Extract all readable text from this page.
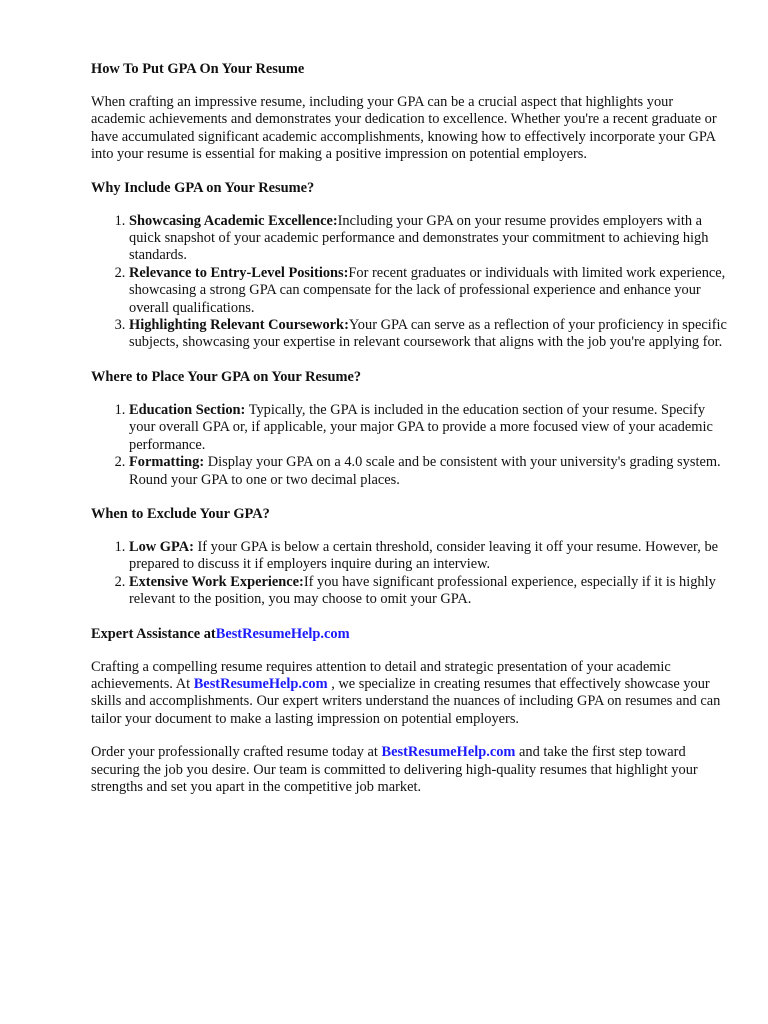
How To Put GPA On Your Resume

When crafting an impressive resume, including your GPA can be a crucial aspect that highlights your academic achievements and demonstrates your dedication to excellence. Whether you're a recent graduate or have accumulated significant academic accomplishments, knowing how to effectively incorporate your GPA into your resume is essential for making a positive impression on potential employers.

Why Include GPA on Your Resume?
1. Showcasing Academic Excellence:Including your GPA on your resume provides employers with a quick snapshot of your academic performance and demonstrates your commitment to achieving high standards.
2. Relevance to Entry-Level Positions:For recent graduates or individuals with limited work experience, showcasing a strong GPA can compensate for the lack of professional experience and enhance your overall qualifications.
3. Highlighting Relevant Coursework:Your GPA can serve as a reflection of your proficiency in specific subjects, showcasing your expertise in relevant coursework that aligns with the job you're applying for.
Where to Place Your GPA on Your Resume?
1. Education Section: Typically, the GPA is included in the education section of your resume. Specify your overall GPA or, if applicable, your major GPA to provide a more focused view of your academic performance.
2. Formatting: Display your GPA on a 4.0 scale and be consistent with your university's grading system. Round your GPA to one or two decimal places.
When to Exclude Your GPA?
1. Low GPA: If your GPA is below a certain threshold, consider leaving it off your resume. However, be prepared to discuss it if employers inquire during an interview.
2. Extensive Work Experience:If you have significant professional experience, especially if it is highly relevant to the position, you may choose to omit your GPA.
Expert Assistance atBestResumeHelp.com

Crafting a compelling resume requires attention to detail and strategic presentation of your academic achievements. At BestResumeHelp.com , we specialize in creating resumes that effectively showcase your skills and accomplishments. Our expert writers understand the nuances of including GPA on resumes and can tailor your document to make a lasting impression on potential employers.

Order your professionally crafted resume today at BestResumeHelp.com and take the first step toward securing the job you desire. Our team is committed to delivering high-quality resumes that highlight your strengths and set you apart in the competitive job market.
